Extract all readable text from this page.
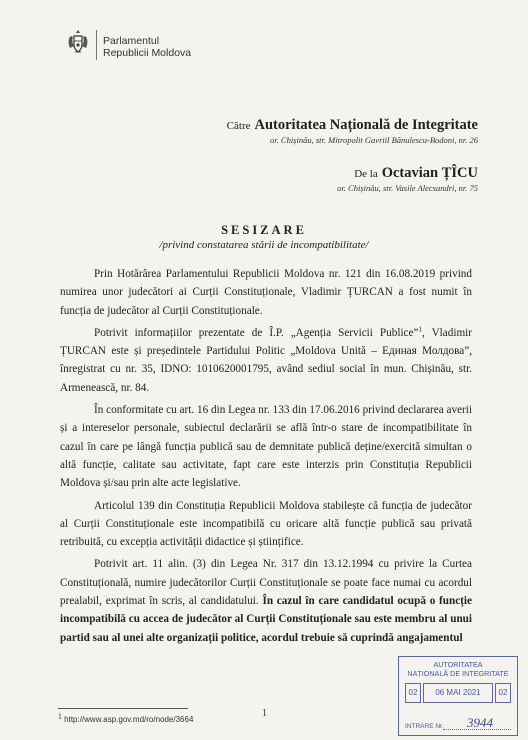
Parlamentul
Republicii Moldova
Către Autoritatea Națională de Integritate
or. Chișinău, str. Mitropolit Gavriil Bănulescu-Bodoni, nr. 26
De la Octavian ȚÎCU
or. Chișinău, str. Vasile Alecsandri, nr. 75
SESIZARE
/privind constatarea stării de incompatibilitate/

Prin Hotărârea Parlamentului Republicii Moldova nr. 121 din 16.08.2019 privind numirea unor judecători ai Curții Constituționale, Vladimir ȚURCAN a fost numit în funcția de judecător al Curții Constituționale.

Potrivit informațiilor prezentate de Î.P. „Agenția Servicii Publice”$^1$, Vladimir ȚURCAN este și președintele Partidului Politic „Moldova Unită – Единая Молдова”, înregistrat cu nr. 35, IDNO: 1010620001795, având sediul social în mun. Chișinău, str. Armenească, nr. 84.

În conformitate cu art. 16 din Legea nr. 133 din 17.06.2016 privind declararea averii și a intereselor personale, subiectul declarării se află într-o stare de incompatibilitate în cazul în care pe lângă funcția publică sau de demnitate publică deține/exercită simultan o altă funcție, calitate sau activitate, fapt care este interzis prin Constituția Republicii Moldova și/sau prin alte acte legislative.

Articolul 139 din Constituția Republicii Moldova stabilește că funcția de judecător al Curții Constituționale este incompatibilă cu oricare altă funcție publică sau privată retribuită, cu excepția activității didactice și științifice.

Potrivit art. 11 alin. (3) din Legea Nr. 317 din 13.12.1994 cu privire la Curtea Constituțională, numire judecătorilor Curții Constituționale se poate face numai cu acordul prealabil, exprimat în scris, al candidatului. În cazul în care candidatul ocupă o funcție incompatibilă cu accea de judecător al Curții Constituționale sau este membru al unui partid sau al unei alte organizații politice, acordul trebuie să cuprindă angajamentul

1 http://www.asp.gov.md/ro/node/3664
1
AUTORITATEA
NAȚIONALĂ DE INTEGRITATE
02	06 MAI 2021	02
INTRARE Nr. 3944
